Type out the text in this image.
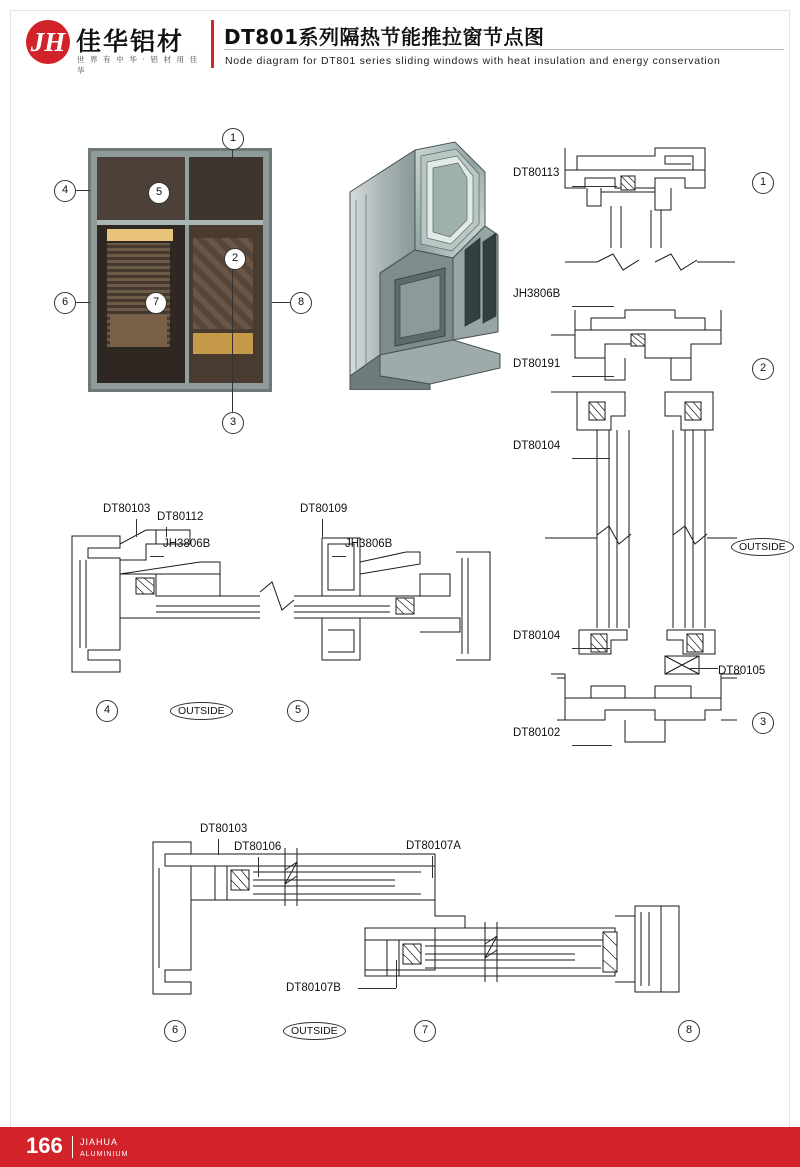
JH 佳华铝材
世 界 有 中 华 · 铝 材 用 佳 华
DT801系列隔热节能推拉窗节点图
Node diagram for DT801 series sliding windows with heat insulation and energy conservation
1
4	5
2
6	7	8
3
DT80113
JH3806B
DT80191
DT80104
DT80104
DT80105
DT80102
1
2
3
OUTSIDE
DT80103
DT80112
JH3806B
DT80109
JH3806B
4	5
OUTSIDE
DT80103
DT80106	DT80107A
DT80107B
6	7	8
OUTSIDE
166 JIAHUA
ALUMINIUM
